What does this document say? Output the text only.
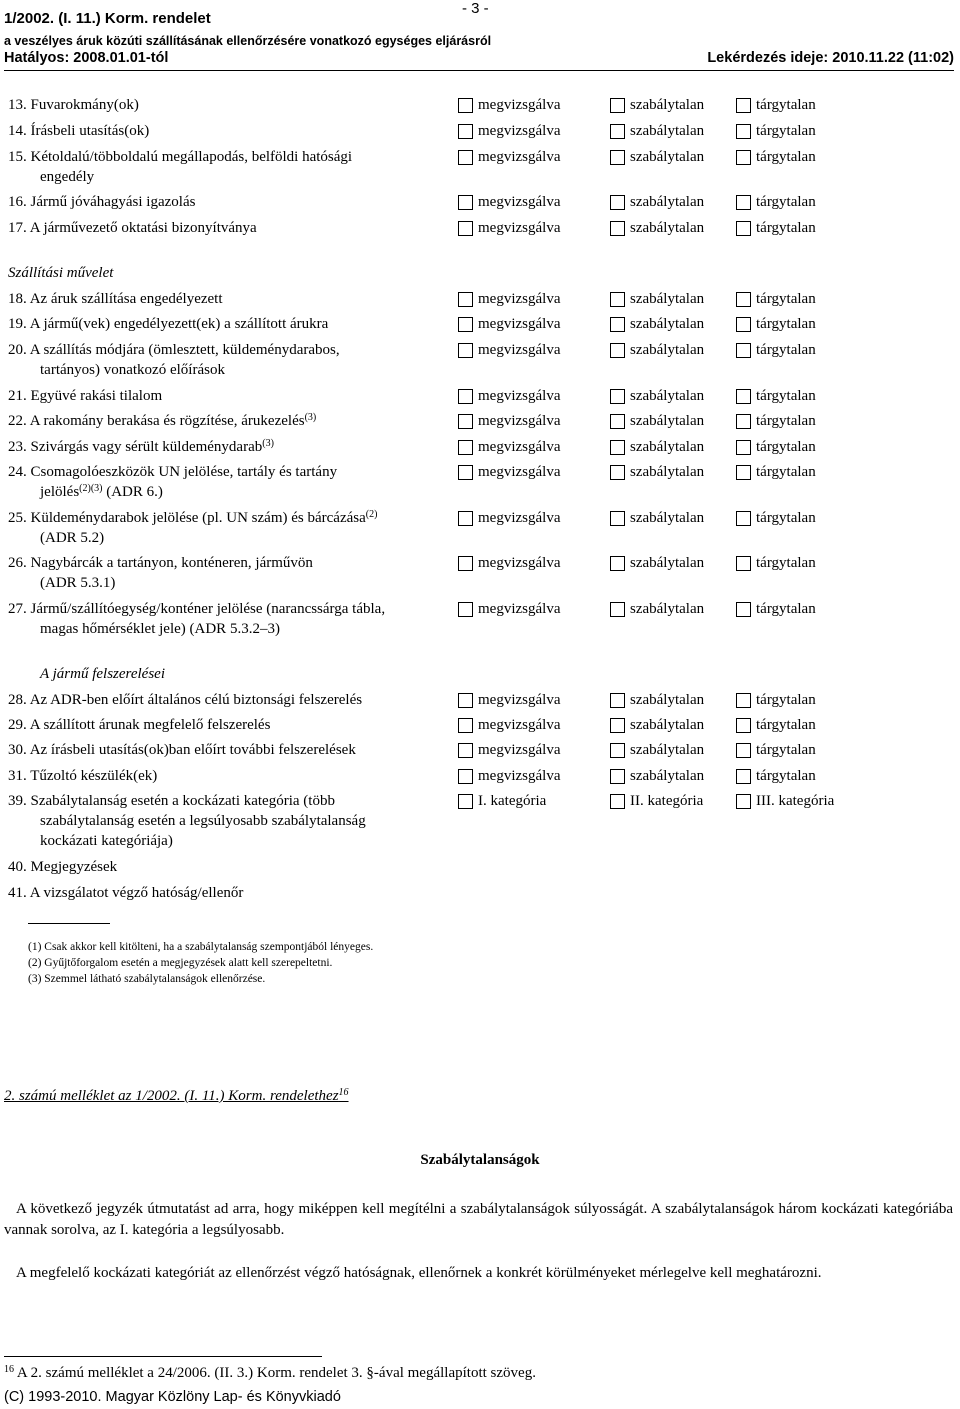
1/2002. (I. 11.) Korm. rendelet
- 3 -
a veszélyes áruk közúti szállításának ellenőrzésére vonatkozó egységes eljárásról
Hatályos: 2008.01.01-tól	Lekérdezés ideje: 2010.11.22 (11:02)
13. Fuvarokmány(ok)	megvizsgálva	szabálytalan	tárgytalan
14. Írásbeli utasítás(ok)	megvizsgálva	szabálytalan	tárgytalan
15. Kétoldalú/többoldalú megállapodás, belföldi hatósági
engedély
megvizsgálva	szabálytalan	tárgytalan
16. Jármű jóváhagyási igazolás	megvizsgálva	szabálytalan	tárgytalan
17. A járművezető oktatási bizonyítványa	megvizsgálva	szabálytalan	tárgytalan
Szállítási művelet
18. Az áruk szállítása engedélyezett	megvizsgálva	szabálytalan	tárgytalan
19. A jármű(vek) engedélyezett(ek) a szállított árukra	megvizsgálva	szabálytalan	tárgytalan
20. A szállítás módjára (ömlesztett, küldeménydarabos,
tartányos) vonatkozó előírások
megvizsgálva	szabálytalan	tárgytalan
21. Együvé rakási tilalom	megvizsgálva	szabálytalan	tárgytalan
22. A rakomány berakása és rögzítése, árukezelés$^{(3)}$	megvizsgálva	szabálytalan	tárgytalan
23. Szivárgás vagy sérült küldeménydarab$^{(3)}$	megvizsgálva	szabálytalan	tárgytalan
24. Csomagolóeszközök UN jelölése, tartály és tartány
jelölés$^{(2)(3)}$ (ADR 6.)
megvizsgálva	szabálytalan	tárgytalan
25. Küldeménydarabok jelölése (pl. UN szám) és bárcázása$^{(2)}$
(ADR 5.2)
megvizsgálva	szabálytalan	tárgytalan
26. Nagybárcák a tartányon, konténeren, járművön
(ADR 5.3.1)
megvizsgálva	szabálytalan	tárgytalan
27. Jármű/szállítóegység/konténer jelölése (narancssárga tábla,
magas hőmérséklet jele) (ADR 5.3.2–3)
megvizsgálva	szabálytalan	tárgytalan
A jármű felszerelései
28. Az ADR-ben előírt általános célú biztonsági felszerelés	megvizsgálva	szabálytalan	tárgytalan
29. A szállított árunak megfelelő felszerelés	megvizsgálva	szabálytalan	tárgytalan
30. Az írásbeli utasítás(ok)ban előírt további felszerelések	megvizsgálva	szabálytalan	tárgytalan
31. Tűzoltó készülék(ek)	megvizsgálva	szabálytalan	tárgytalan
39. Szabálytalanság esetén a kockázati kategória (több
szabálytalanság esetén a legsúlyosabb szabálytalanság
kockázati kategóriája)
I. kategória	II. kategória	III. kategória
40. Megjegyzések
41. A vizsgálatot végző hatóság/ellenőr
(1) Csak akkor kell kitölteni, ha a szabálytalanság szempontjából lényeges.
(2) Gyűjtőforgalom esetén a megjegyzések alatt kell szerepeltetni.
(3) Szemmel látható szabálytalanságok ellenőrzése.
2. számú melléklet az 1/2002. (I. 11.) Korm. rendelethez$^{16}$
Szabálytalanságok
A következő jegyzék útmutatást ad arra, hogy miképpen kell megítélni a szabálytalanságok súlyosságát. A szabálytalanságok három kockázati kategóriába vannak sorolva, az I. kategória a legsúlyosabb.
A megfelelő kockázati kategóriát az ellenőrzést végző hatóságnak, ellenőrnek a konkrét körülményeket mérlegelve kell meghatározni.
$^{16}$ A 2. számú melléklet a 24/2006. (II. 3.) Korm. rendelet 3. §-ával megállapított szöveg.
(C) 1993-2010. Magyar Közlöny Lap- és Könyvkiadó
